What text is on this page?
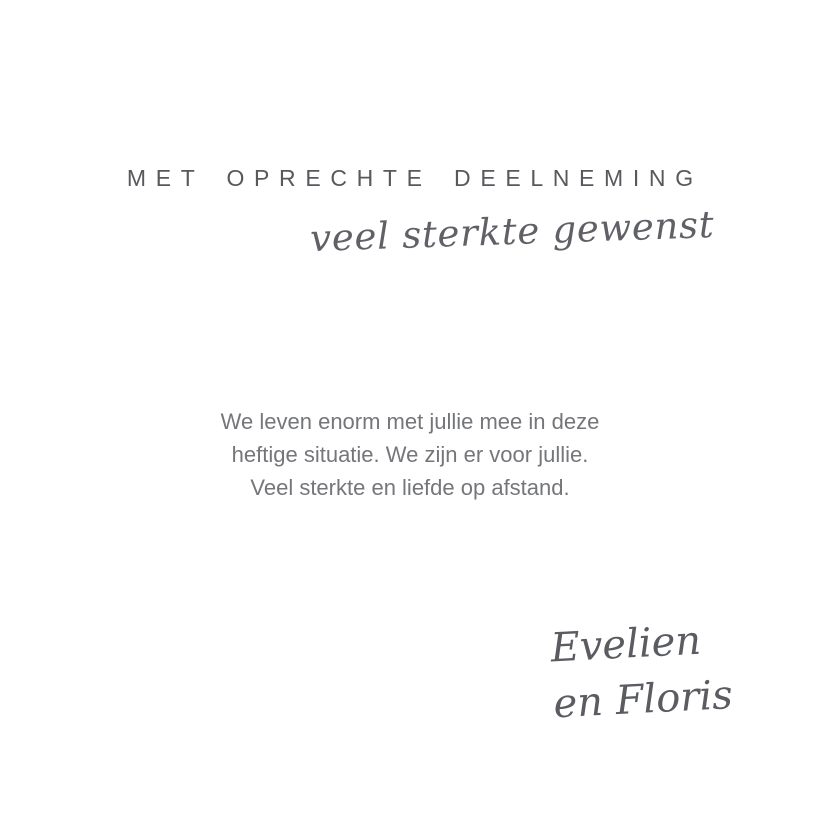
MET OPRECHTE DEELNEMING
veel sterkte gewenst
We leven enorm met jullie mee in deze
heftige situatie. We zijn er voor jullie.
Veel sterkte en liefde op afstand.
Evelien
en Floris
